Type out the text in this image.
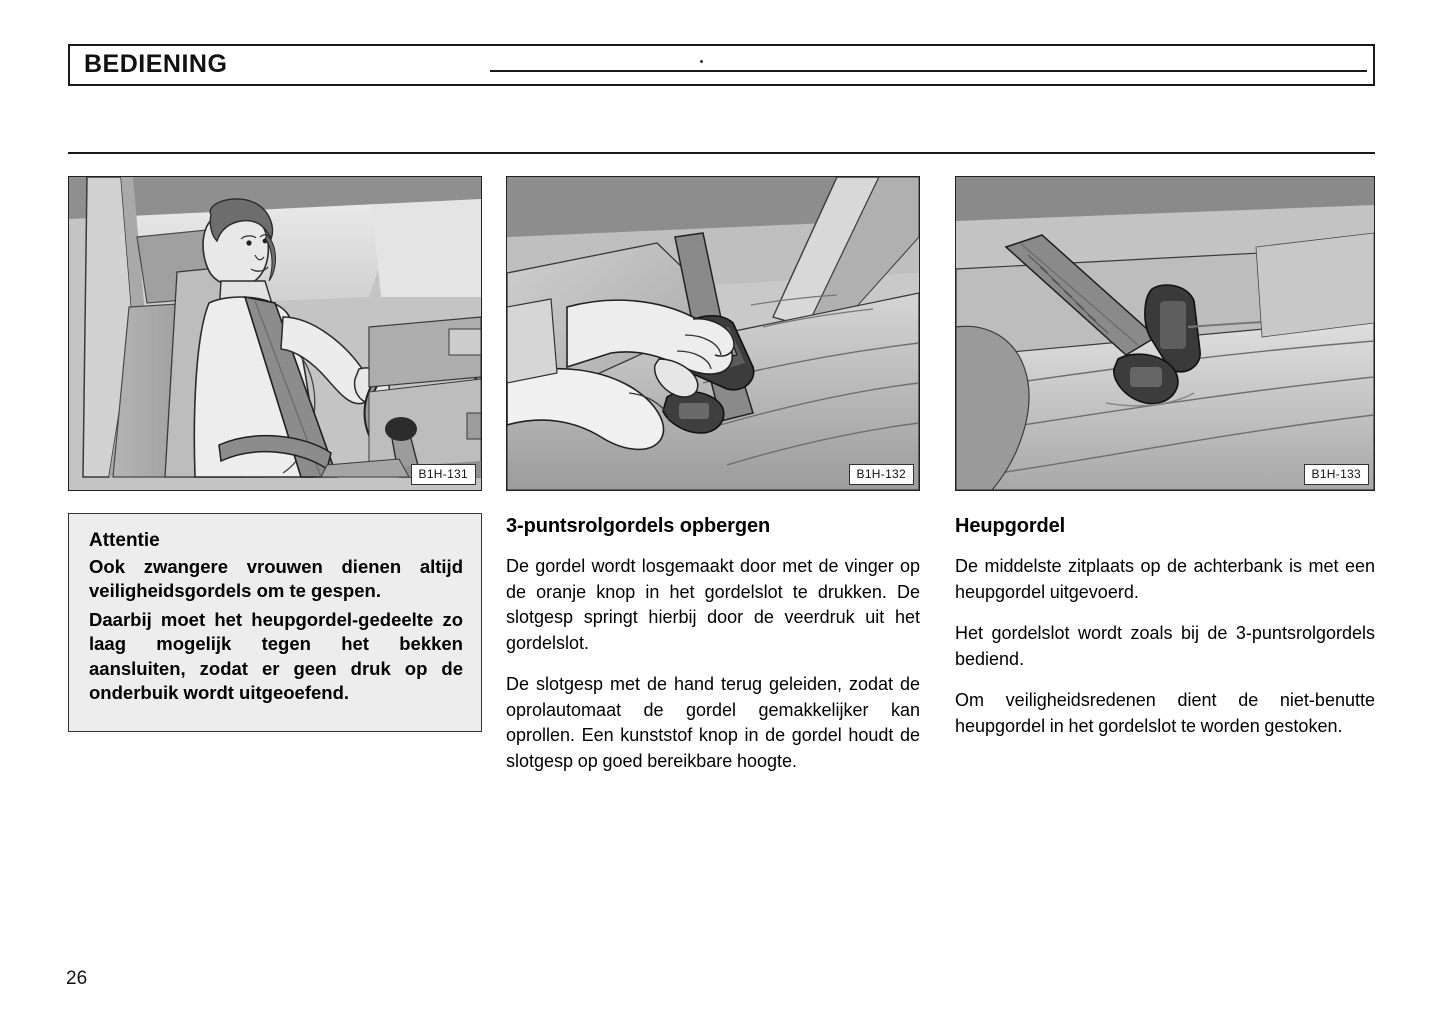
BEDIENING
B1H-131
Attentie

Ook zwangere vrouwen dienen altijd veiligheidsgordels om te gespen.

Daarbij moet het heupgordel-gedeelte zo laag mogelijk tegen het bekken aansluiten, zodat er geen druk op de onderbuik wordt uitgeoefend.

B1H-132
3-puntsrolgordels opbergen

De gordel wordt losgemaakt door met de vinger op de oranje knop in het gordelslot te drukken. De slotgesp springt hierbij door de veerdruk uit het gordelslot.

De slotgesp met de hand terug geleiden, zodat de oprolautomaat de gordel gemakkelijker kan oprollen. Een kunststof knop in de gordel houdt de slotgesp op goed bereikbare hoogte.

B1H-133
Heupgordel

De middelste zitplaats op de achterbank is met een heupgordel uitgevoerd.

Het gordelslot wordt zoals bij de 3-puntsrolgordels bediend.

Om veiligheidsredenen dient de niet-benutte heupgordel in het gordelslot te worden gestoken.

26
